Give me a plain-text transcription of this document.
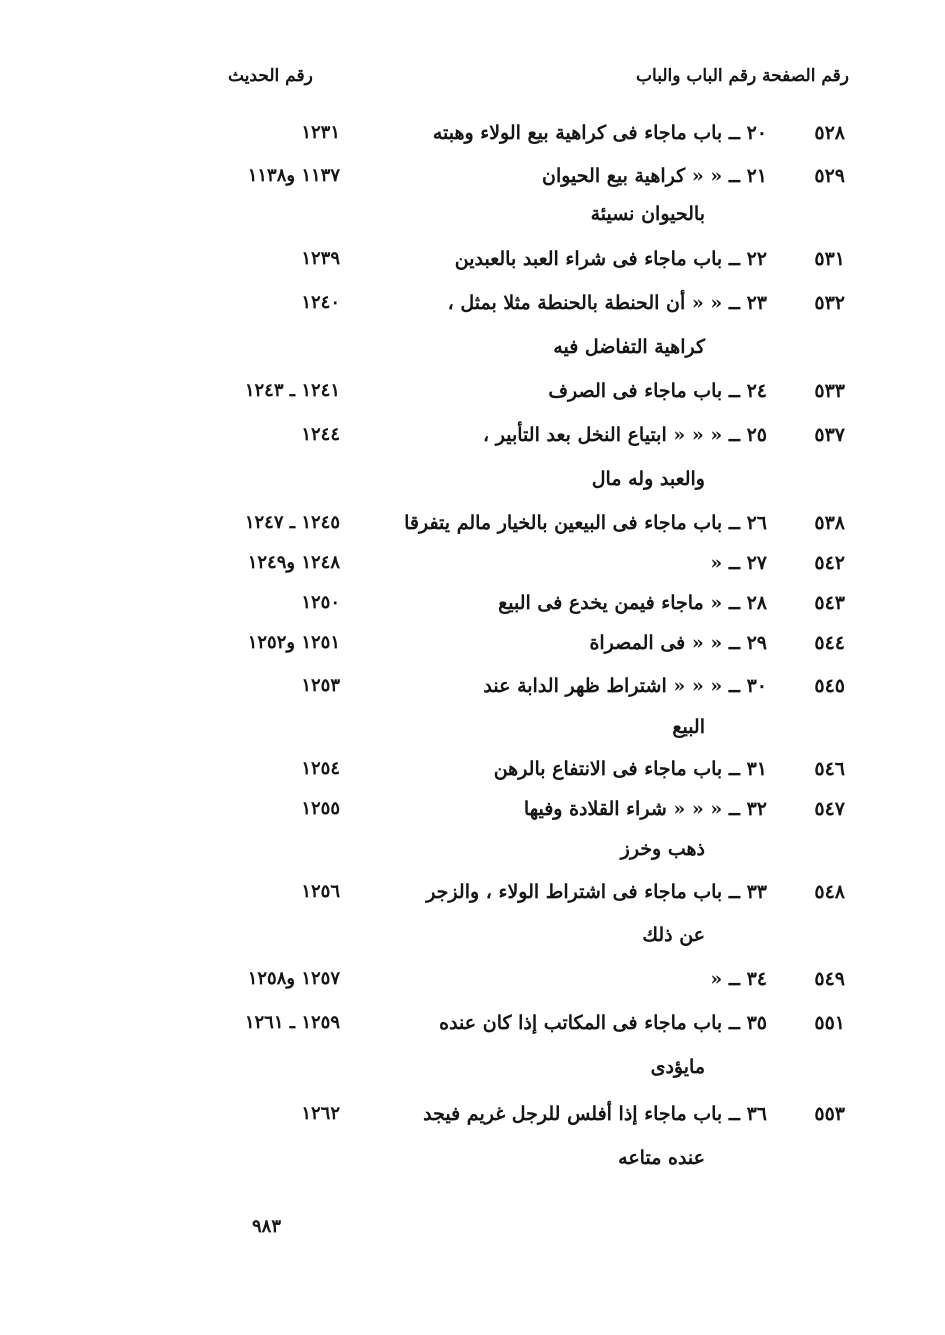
رقم الصفحة رقم الباب والباب
رقم الحديث
٥٢٨
٢٠ ــ باب ماجاء فى كراهية بيع الولاء وهبته
١٢٣١
٥٢٩
٢١ ــ « « كراهية بيع الحيوان
١١٣٧ و١١٣٨
بالحيوان نسيئة
٥٣١
٢٢ ــ باب ماجاء فى شراء العبد بالعبدين
١٢٣٩
٥٣٢
٢٣ ــ « « أن الحنطة بالحنطة مثلا بمثل ،
١٢٤٠
كراهية التفاضل فيه
٥٣٣
٢٤ ــ باب ماجاء فى الصرف
١٢٤١ ـ ١٢٤٣
٥٣٧
٢٥ ــ « « « ابتياع النخل بعد التأبير ،
١٢٤٤
والعبد وله مال
٥٣٨
٢٦ ــ باب ماجاء فى البيعين بالخيار مالم يتفرقا
١٢٤٥ ـ ١٢٤٧
٥٤٢
٢٧ ــ «
١٢٤٨ و١٢٤٩
٥٤٣
٢٨ ــ « ماجاء فيمن يخدع فى البيع
١٢٥٠
٥٤٤
٢٩ ــ « « فى المصراة
١٢٥١ و١٢٥٢
٥٤٥
٣٠ ــ « « « اشتراط ظهر الدابة عند
١٢٥٣
البيع
٥٤٦
٣١ ــ باب ماجاء فى الانتفاع بالرهن
١٢٥٤
٥٤٧
٣٢ ــ « « « شراء القلادة وفيها
١٢٥٥
ذهب وخرز
٥٤٨
٣٣ ــ باب ماجاء فى اشتراط الولاء ، والزجر
١٢٥٦
عن ذلك
٥٤٩
٣٤ ــ «
١٢٥٧ و١٢٥٨
٥٥١
٣٥ ــ باب ماجاء فى المكاتب إذا كان عنده
١٢٥٩ ـ ١٢٦١
مايؤدى
٥٥٣
٣٦ ــ باب ماجاء إذا أفلس للرجل غريم فيجد
١٢٦٢
عنده متاعه
٩٨٣
